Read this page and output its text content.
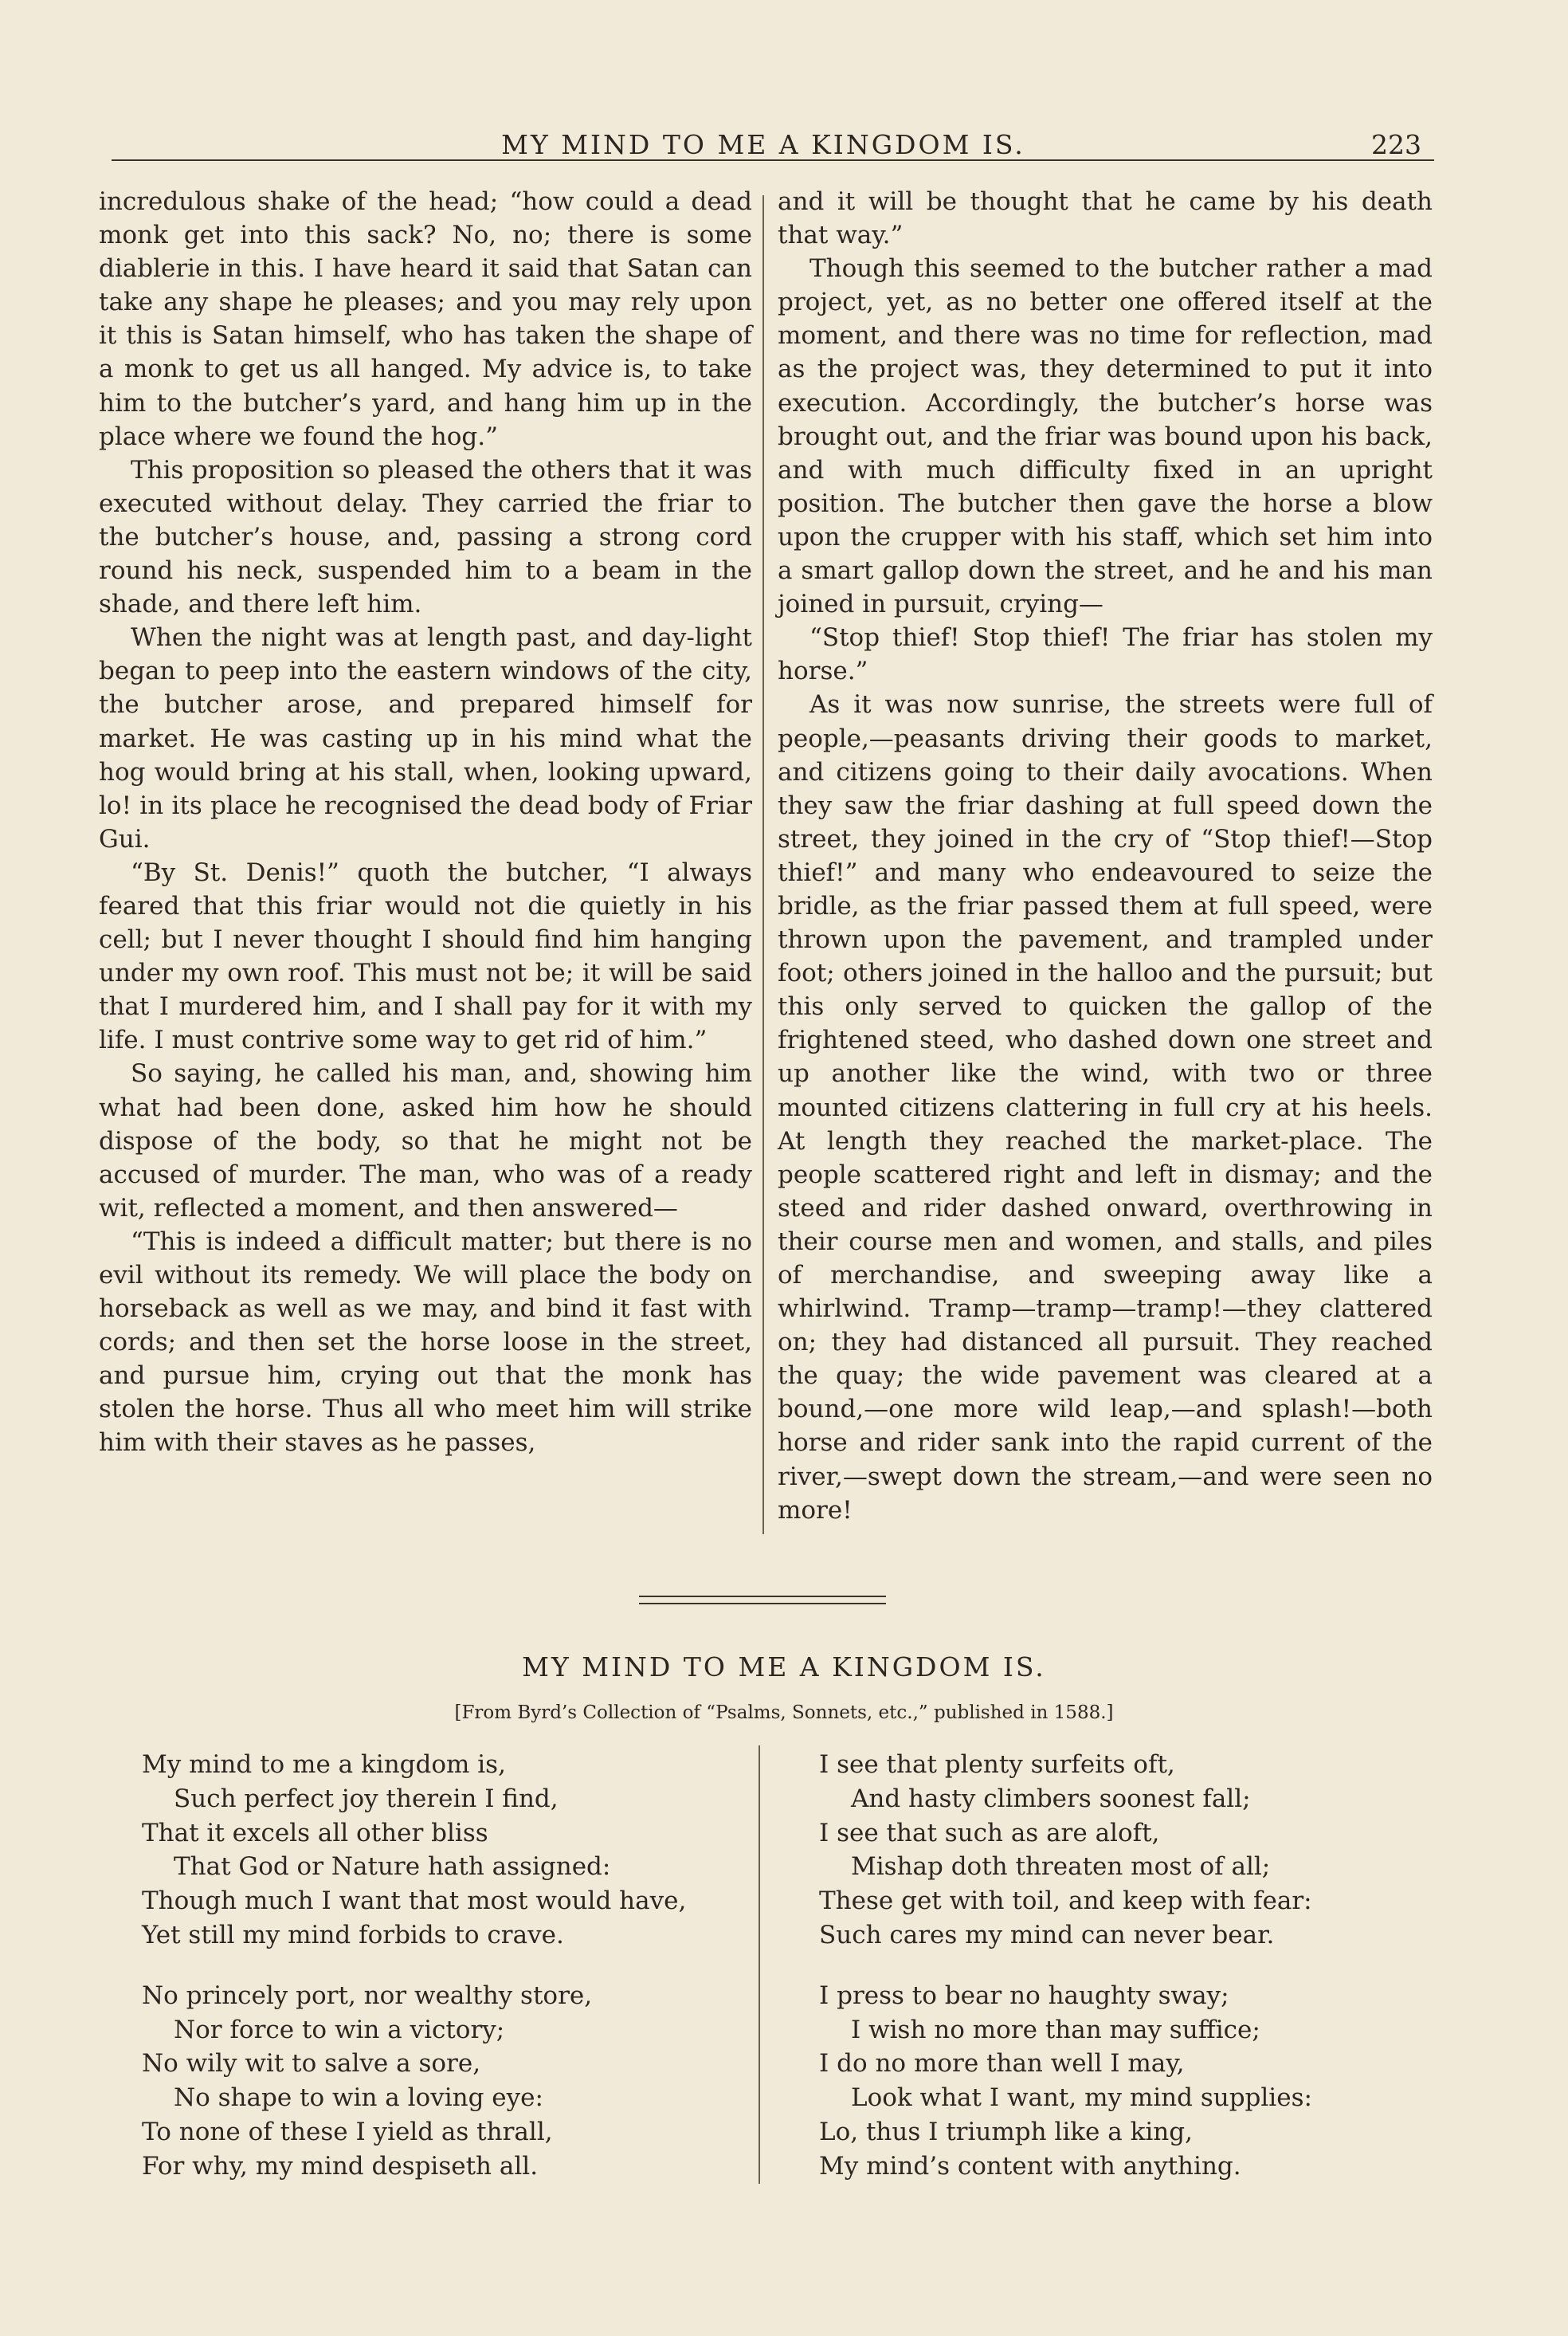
MY MIND TO ME A KINGDOM IS.	223

incredulous shake of the head; “how could a dead monk get into this sack? No, no; there is some diablerie in this. I have heard it said that Satan can take any shape he pleases; and you may rely upon it this is Satan himself, who has taken the shape of a monk to get us all hanged. My advice is, to take him to the butcher’s yard, and hang him up in the place where we found the hog.”

This proposition so pleased the others that it was executed without delay. They carried the friar to the butcher’s house, and, passing a strong cord round his neck, suspended him to a beam in the shade, and there left him.

When the night was at length past, and day-light began to peep into the eastern windows of the city, the butcher arose, and prepared himself for market. He was casting up in his mind what the hog would bring at his stall, when, looking upward, lo! in its place he recognised the dead body of Friar Gui.

“By St. Denis!” quoth the butcher, “I always feared that this friar would not die quietly in his cell; but I never thought I should find him hanging under my own roof. This must not be; it will be said that I murdered him, and I shall pay for it with my life. I must contrive some way to get rid of him.”

So saying, he called his man, and, showing him what had been done, asked him how he should dispose of the body, so that he might not be accused of murder. The man, who was of a ready wit, reflected a moment, and then answered—

“This is indeed a difficult matter; but there is no evil without its remedy. We will place the body on horseback as well as we may, and bind it fast with cords; and then set the horse loose in the street, and pursue him, crying out that the monk has stolen the horse. Thus all who meet him will strike him with their staves as he passes,

and it will be thought that he came by his death that way.”

Though this seemed to the butcher rather a mad project, yet, as no better one offered itself at the moment, and there was no time for reflection, mad as the project was, they determined to put it into execution. Accordingly, the butcher’s horse was brought out, and the friar was bound upon his back, and with much difficulty fixed in an upright position. The butcher then gave the horse a blow upon the crupper with his staff, which set him into a smart gallop down the street, and he and his man joined in pursuit, crying—

“Stop thief! Stop thief! The friar has stolen my horse.”

As it was now sunrise, the streets were full of people,—peasants driving their goods to market, and citizens going to their daily avocations. When they saw the friar dashing at full speed down the street, they joined in the cry of “Stop thief!—Stop thief!” and many who endeavoured to seize the bridle, as the friar passed them at full speed, were thrown upon the pavement, and trampled under foot; others joined in the halloo and the pursuit; but this only served to quicken the gallop of the frightened steed, who dashed down one street and up another like the wind, with two or three mounted citizens clattering in full cry at his heels. At length they reached the market-place. The people scattered right and left in dismay; and the steed and rider dashed onward, overthrowing in their course men and women, and stalls, and piles of merchandise, and sweeping away like a whirlwind. Tramp—tramp—tramp!—they clattered on; they had distanced all pursuit. They reached the quay; the wide pavement was cleared at a bound,—one more wild leap,—and splash!—both horse and rider sank into the rapid current of the river,—swept down the stream,—and were seen no more!

MY MIND TO ME A KINGDOM IS.
[From Byrd’s Collection of “Psalms, Sonnets, etc.,” published in 1588.]
My mind to me a kingdom is,
Such perfect joy therein I find,
That it excels all other bliss
That God or Nature hath assigned:
Though much I want that most would have,
Yet still my mind forbids to crave.
No princely port, nor wealthy store,
Nor force to win a victory;
No wily wit to salve a sore,
No shape to win a loving eye:
To none of these I yield as thrall,
For why, my mind despiseth all.
I see that plenty surfeits oft,
And hasty climbers soonest fall;
I see that such as are aloft,
Mishap doth threaten most of all;
These get with toil, and keep with fear:
Such cares my mind can never bear.
I press to bear no haughty sway;
I wish no more than may suffice;
I do no more than well I may,
Look what I want, my mind supplies:
Lo, thus I triumph like a king,
My mind’s content with anything.
